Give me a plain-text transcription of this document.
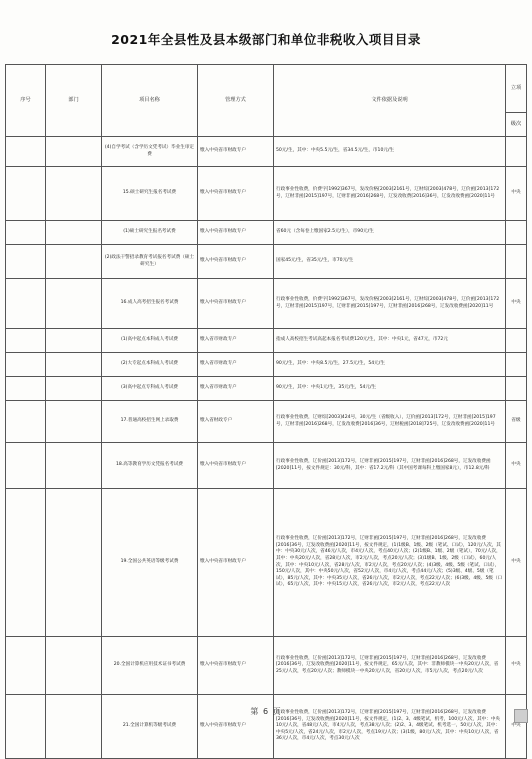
2021年全县性及县本级部门和单位非税收入项目目录
序号	部门	项目名称	管理方式	文件依据及说明	立项
					级次
		(4)自学考试（含学历文凭考试）毕业生审定费	缴入中央省市财政专户	50元/生，其中：中央5.5元/生，省34.5元/生，市10元/生	
		15.硕士研究生报名考试费	缴入中央省市财政专户	行政事业性收费，价费字[1992]367号，发改价格[2003]2161号，辽财综[2003]478号，辽价函[2013]172号，辽财非函[2015]197号，辽财非函[2016]268号，辽发改收费[2016]36号，辽发改收费函[2020]11号	中央
		(1)硕士研究生报名考试费	缴入中央省市财政专户	省60元（含每卷上缴国家2.5元/生），市90元/生	
		(2)政法干警招录教育考试报名考试费（硕士研究生）	缴入中央省市财政专户	国家45元/生，省35元/生，市70元/生	
		16.成人高考招生报名考试费	缴入中央省市财政专户	行政事业性收费，价费字[1992]367号，发改价格[2003]2161号，辽财综[2003]478号，辽价函[2013]172号，辽财非函[2015]197号，辽财非函[2015]197号，辽财非函[2016]268号，辽发改收费函[2020]11号	中央
		(1)高中起点本科成人考试费	缴入省市财政专户	指成人高校招生考试高起本报名考试费120元/生，其中：中央1元，省47元，市72元	
		(2)大专起点本科成人考试费	缴入省市财政专户	90元/生，其中：中央8.5元/生，27.5元/生，54元/生	
		(3)高中起点专科成人考试费	缴入省市财政专户	90元/生，其中：中央1元/生，35元/生，54元/生	
		17.普通高校招生网上录取费	缴入省财政专户	行政事业性收费，辽财综[2003]424号，30元/生（省级收入），辽价函[2013]172号，辽财非函[2015]197号，辽财非函[2016]268号，辽发改收费[2016]36号，辽财税函[2018]725号，辽发改收费函[2020]11号	省级
		18.高等教育学历文凭报名考试费	缴入中央省市财政专户	行政事业性收费，辽价函[2013]172号，辽财非函[2015]197号，辽财非函[2016]268号，辽发改收费函[2020]11号，按文件规定：30元/科，其中：省17.2元/科（其中国考课每科上缴国家8元），市12.8元/科	中央
		19.全国公共英语等级考试费	缴入中央省市财政专户	行政事业性收费，辽价函[2013]172号，辽财非函[2015]197号，辽财非函[2016]268号，辽发改收费[2016]36号，辽发改收费函[2020]11号，按文件规定，(1)1级B、1级、2级（笔试、口试），120元/人次，其中：中央30元/人次，省46元/人次，市4元/人次，考点40元/人次；(2)1级B、1级、2级（笔试），70元/人次，其中：中央20元/人次，省28元/人次，市2元/人次，考点20元/人次；(3)1级B、1级、2级（口试），60元/人次，其中：中央10元/人次，省28元/人次，市2元/人次，考点20元/人次；(4)3级、4级、5级（笔试、口试），150元/人次，其中：中央50元/人次，省52元/人次，市4元/人次，考点44元/人次；(5)3级、4级、5级（笔试），85元/人次，其中：中央35元/人次，省26元/人次，市2元/人次，考点22元/人次；(6)3级、4级、5级（口试），65元/人次，其中：中央15元/人次，省26元/人次，市2元/人次，考点22元/人次	中央
		20.全国计算机应用技术证书考试费	缴入中央省市财政专户	行政事业性收费，辽价函[2013]172号，辽财非函[2015]197号，辽财非函[2016]268号，辽发改收费[2016]36号，辽发改收费函[2020]11号，按文件规定，65元/人次，其中：非教师模块一中央20元/人次，省25元/人次，考点20元/人次；教师模块一中央20元/人次，省20元/人次，市5元/人次，考点20元/人次	中央
		21.全国计算机等级考试费	缴入中央省市财政专户	行政事业性收费，辽价函[2013]172号，辽财非函[2015]197号，辽财非函[2016]268号，辽发改收费[2016]36号，辽发改收费函[2020]11号，按文件规定，(1)2、3、4级笔试，机考，100元/人次，其中：中央10元/人次，省48元/人次，市4元/人次，考点38元/人次；(2)2、3、4级笔试、机考选一，50元/人次，其中：中央5元/人次，省24元/人次，市2元/人次，考点19元/人次；(3)1级，80元/人次，其中：中央10元/人次，省36元/人次，市4元/人次，考点30元/人次	中央
第 6 页
